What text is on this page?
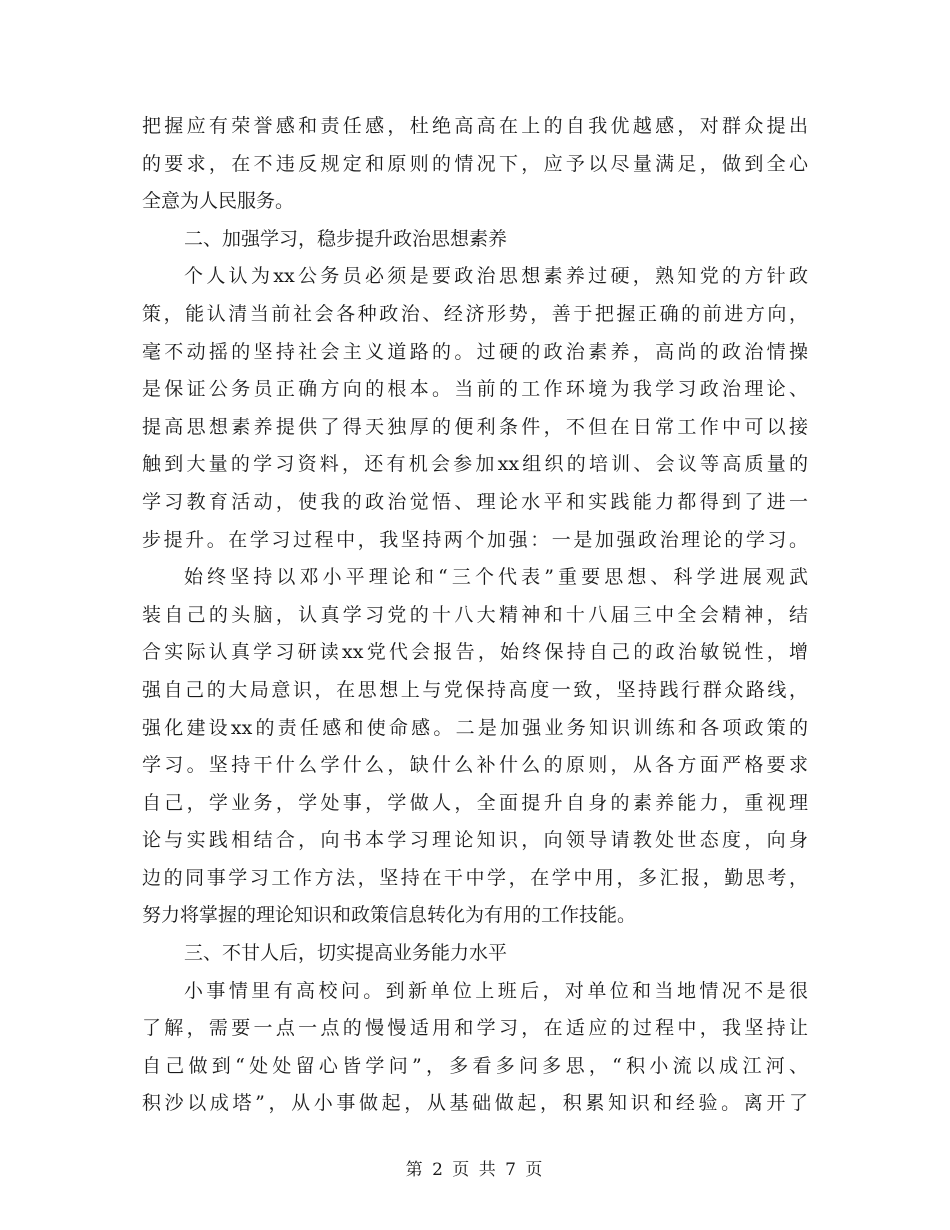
把握应有荣誉感和责任感，杜绝高高在上的自我优越感，对群众提出
的要求，在不违反规定和原则的情况下，应予以尽量满足，做到全心
全意为人民服务。
二、加强学习，稳步提升政治思想素养
个人认为xx公务员必须是要政治思想素养过硬，熟知党的方针政
策，能认清当前社会各种政治、经济形势，善于把握正确的前进方向，
毫不动摇的坚持社会主义道路的。过硬的政治素养，高尚的政治情操
是保证公务员正确方向的根本。当前的工作环境为我学习政治理论、
提高思想素养提供了得天独厚的便利条件，不但在日常工作中可以接
触到大量的学习资料，还有机会参加xx组织的培训、会议等高质量的
学习教育活动，使我的政治觉悟、理论水平和实践能力都得到了进一
步提升。在学习过程中，我坚持两个加强：一是加强政治理论的学习。
始终坚持以邓小平理论和“三个代表”重要思想、科学进展观武
装自己的头脑，认真学习党的十八大精神和十八届三中全会精神，结
合实际认真学习研读xx党代会报告，始终保持自己的政治敏锐性，增
强自己的大局意识，在思想上与党保持高度一致，坚持践行群众路线，
强化建设xx的责任感和使命感。二是加强业务知识训练和各项政策的
学习。坚持干什么学什么，缺什么补什么的原则，从各方面严格要求
自己，学业务，学处事，学做人，全面提升自身的素养能力，重视理
论与实践相结合，向书本学习理论知识，向领导请教处世态度，向身
边的同事学习工作方法，坚持在干中学，在学中用，多汇报，勤思考，
努力将掌握的理论知识和政策信息转化为有用的工作技能。
三、不甘人后，切实提高业务能力水平
小事情里有高校问。到新单位上班后，对单位和当地情况不是很
了解，需要一点一点的慢慢适用和学习，在适应的过程中，我坚持让
自己做到“处处留心皆学问”，多看多问多思，“积小流以成江河、
积沙以成塔”，从小事做起，从基础做起，积累知识和经验。离开了
第 2 页 共 7 页
